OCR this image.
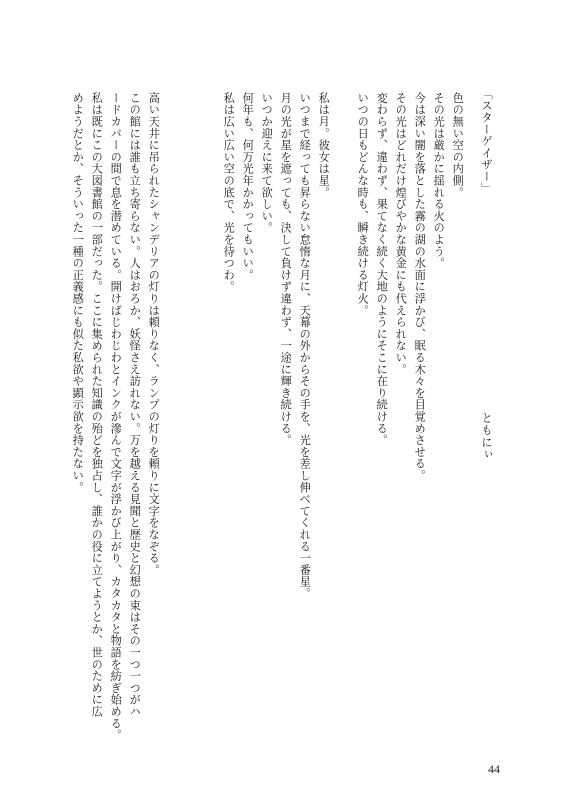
「スターゲイザー」
ともにぃ
色の無い空の内側。
その光は厳かに揺れる火のよう。
今は深い闇を落とした霧の湖の水面に浮かび、眠る木々を目覚めさせる。
その光はどれだけ煌びやかな黄金にも代えられない。
変わらず、違わず、果てなく続く大地のようにそこに在り続ける。
いつの日もどんな時も、瞬き続ける灯火。
私は月。彼女は星。
いつまで経っても昇らない怠惰な月に、天幕の外からその手を、光を差し伸べてくれる一番星。
月の光が星を遮っても、決して負けず違わず、一途に輝き続ける。
いつか迎えに来て欲しい。
何年も、何万光年かかってもいい。
私は広い広い空の底で、光を待つわ。
高い天井に吊られたシャンデリアの灯りは頼りなく、ランプの灯りを頼りに文字をなぞる。
この館には誰も立ち寄らない。人はおろか、妖怪さえ訪れない。万を越える見聞と歴史と幻想の束はその一つ一つがハ
ードカバーの間で息を潜めている。開けばじわじわとインクが滲んで文字が浮かび上がり、カタカタと物語を紡ぎ始める。
私は既にこの大図書館の一部だった。ここに集められた知識の殆どを独占し、誰かの役に立てようとか、世のために広
めようだとか、そういった一種の正義感にも似た私欲や顕示欲を持たない。
44
